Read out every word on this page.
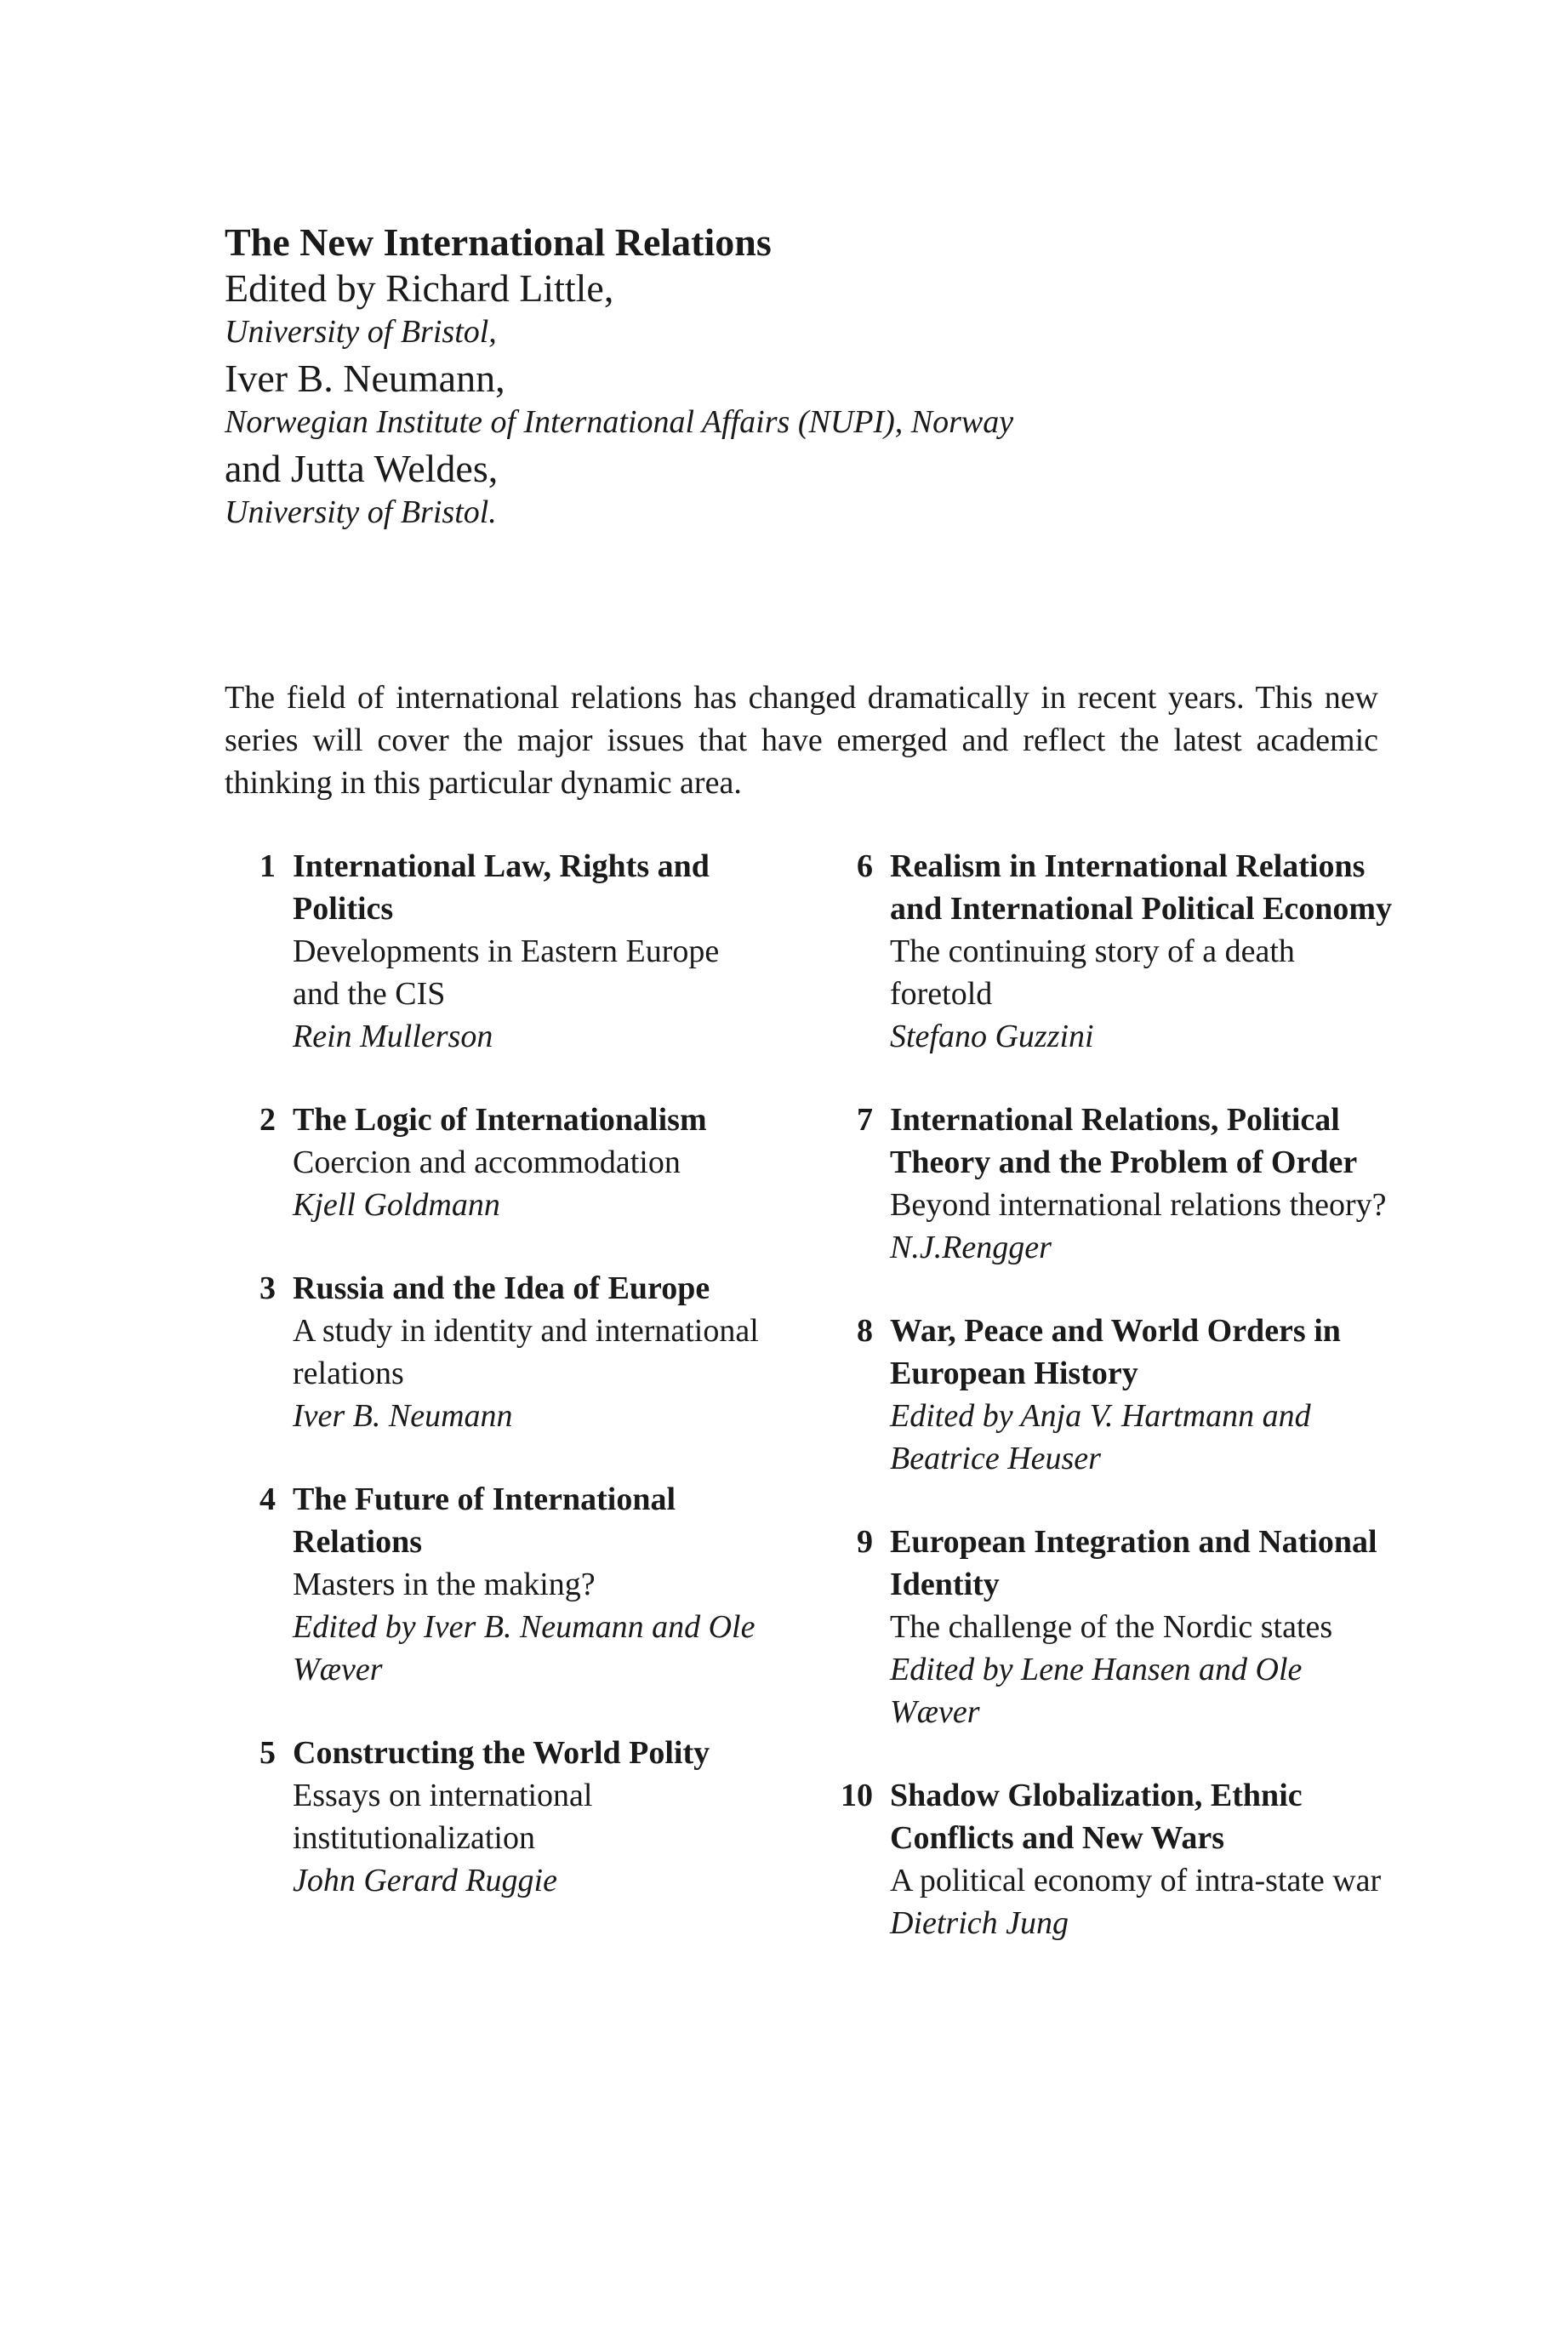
The New International Relations
Edited by Richard Little,
University of Bristol,
Iver B. Neumann,
Norwegian Institute of International Affairs (NUPI), Norway
and Jutta Weldes,
University of Bristol.
The field of international relations has changed dramatically in recent years. This new series will cover the major issues that have emerged and reflect the latest academic thinking in this particular dynamic area.
1 International Law, Rights and Politics
Developments in Eastern Europe and the CIS
Rein Mullerson
2 The Logic of Internationalism
Coercion and accommodation
Kjell Goldmann
3 Russia and the Idea of Europe
A study in identity and international relations
Iver B. Neumann
4 The Future of International Relations
Masters in the making?
Edited by Iver B. Neumann and Ole Wæver
5 Constructing the World Polity
Essays on international institutionalization
John Gerard Ruggie
6 Realism in International Relations and International Political Economy
The continuing story of a death foretold
Stefano Guzzini
7 International Relations, Political Theory and the Problem of Order
Beyond international relations theory?
N.J.Rengger
8 War, Peace and World Orders in European History
Edited by Anja V. Hartmann and Beatrice Heuser
9 European Integration and National Identity
The challenge of the Nordic states
Edited by Lene Hansen and Ole Wæver
10 Shadow Globalization, Ethnic Conflicts and New Wars
A political economy of intra-state war
Dietrich Jung
